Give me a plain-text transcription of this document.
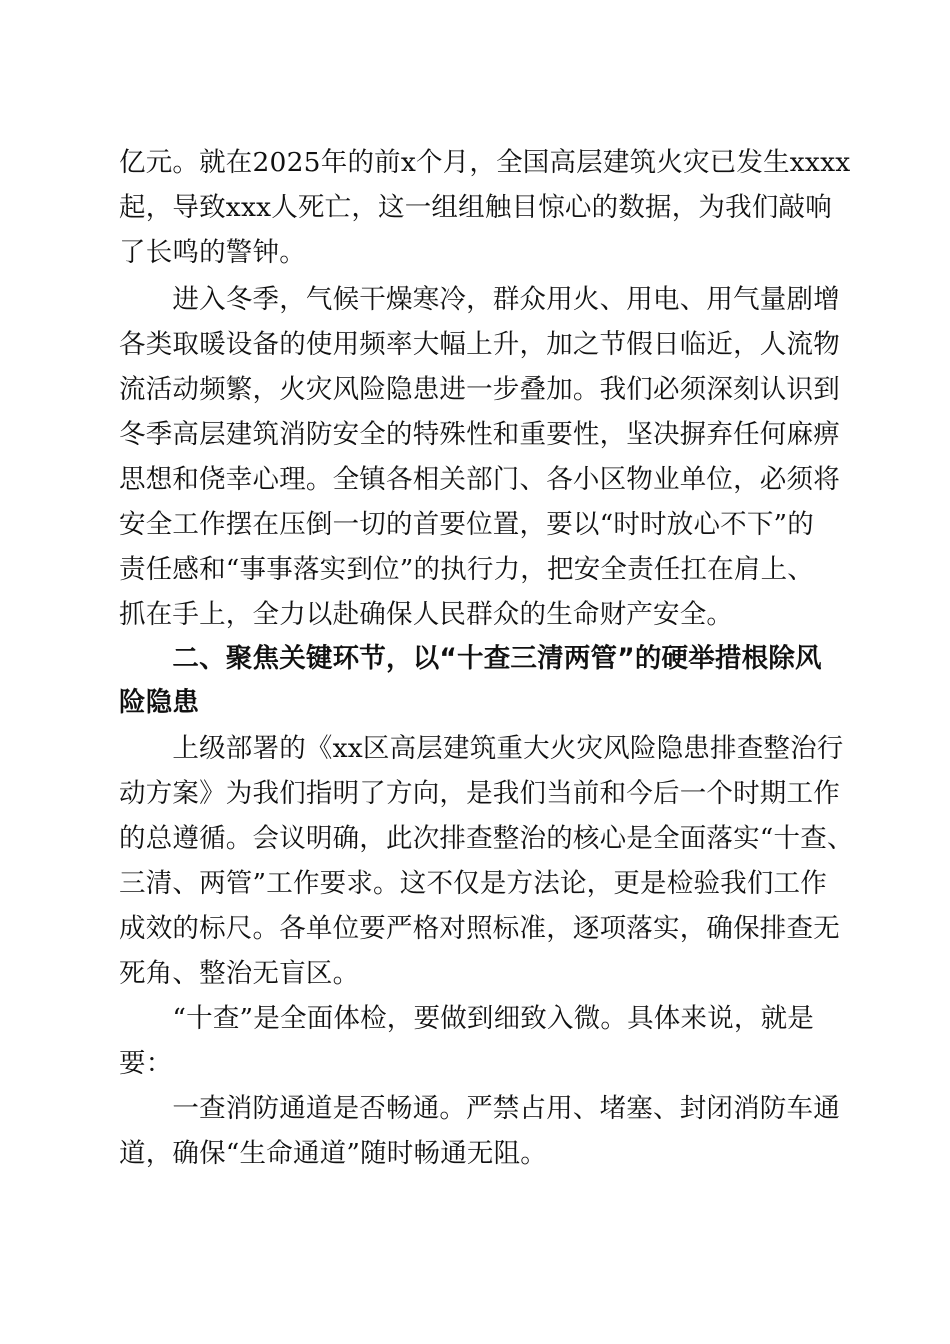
亿元。就在2025年的前x个月，全国高层建筑火灾已发生xxxx
起，导致xxx人死亡，这一组组触目惊心的数据，为我们敲响
了长鸣的警钟。
　　进入冬季，气候干燥寒冷，群众用火、用电、用气量剧增
各类取暖设备的使用频率大幅上升，加之节假日临近，人流物
流活动频繁，火灾风险隐患进一步叠加。我们必须深刻认识到
冬季高层建筑消防安全的特殊性和重要性，坚决摒弃任何麻痹
思想和侥幸心理。全镇各相关部门、各小区物业单位，必须将
安全工作摆在压倒一切的首要位置，要以“时时放心不下”的
责任感和“事事落实到位”的执行力，把安全责任扛在肩上、
抓在手上，全力以赴确保人民群众的生命财产安全。
　　二、聚焦关键环节，以“十查三清两管”的硬举措根除风
险隐患
　　上级部署的《xx区高层建筑重大火灾风险隐患排查整治行
动方案》为我们指明了方向，是我们当前和今后一个时期工作
的总遵循。会议明确，此次排查整治的核心是全面落实“十查、
三清、两管”工作要求。这不仅是方法论，更是检验我们工作
成效的标尺。各单位要严格对照标准，逐项落实，确保排查无
死角、整治无盲区。
　　“十查”是全面体检，要做到细致入微。具体来说，就是
要：
　　一查消防通道是否畅通。严禁占用、堵塞、封闭消防车通
道，确保“生命通道”随时畅通无阻。
